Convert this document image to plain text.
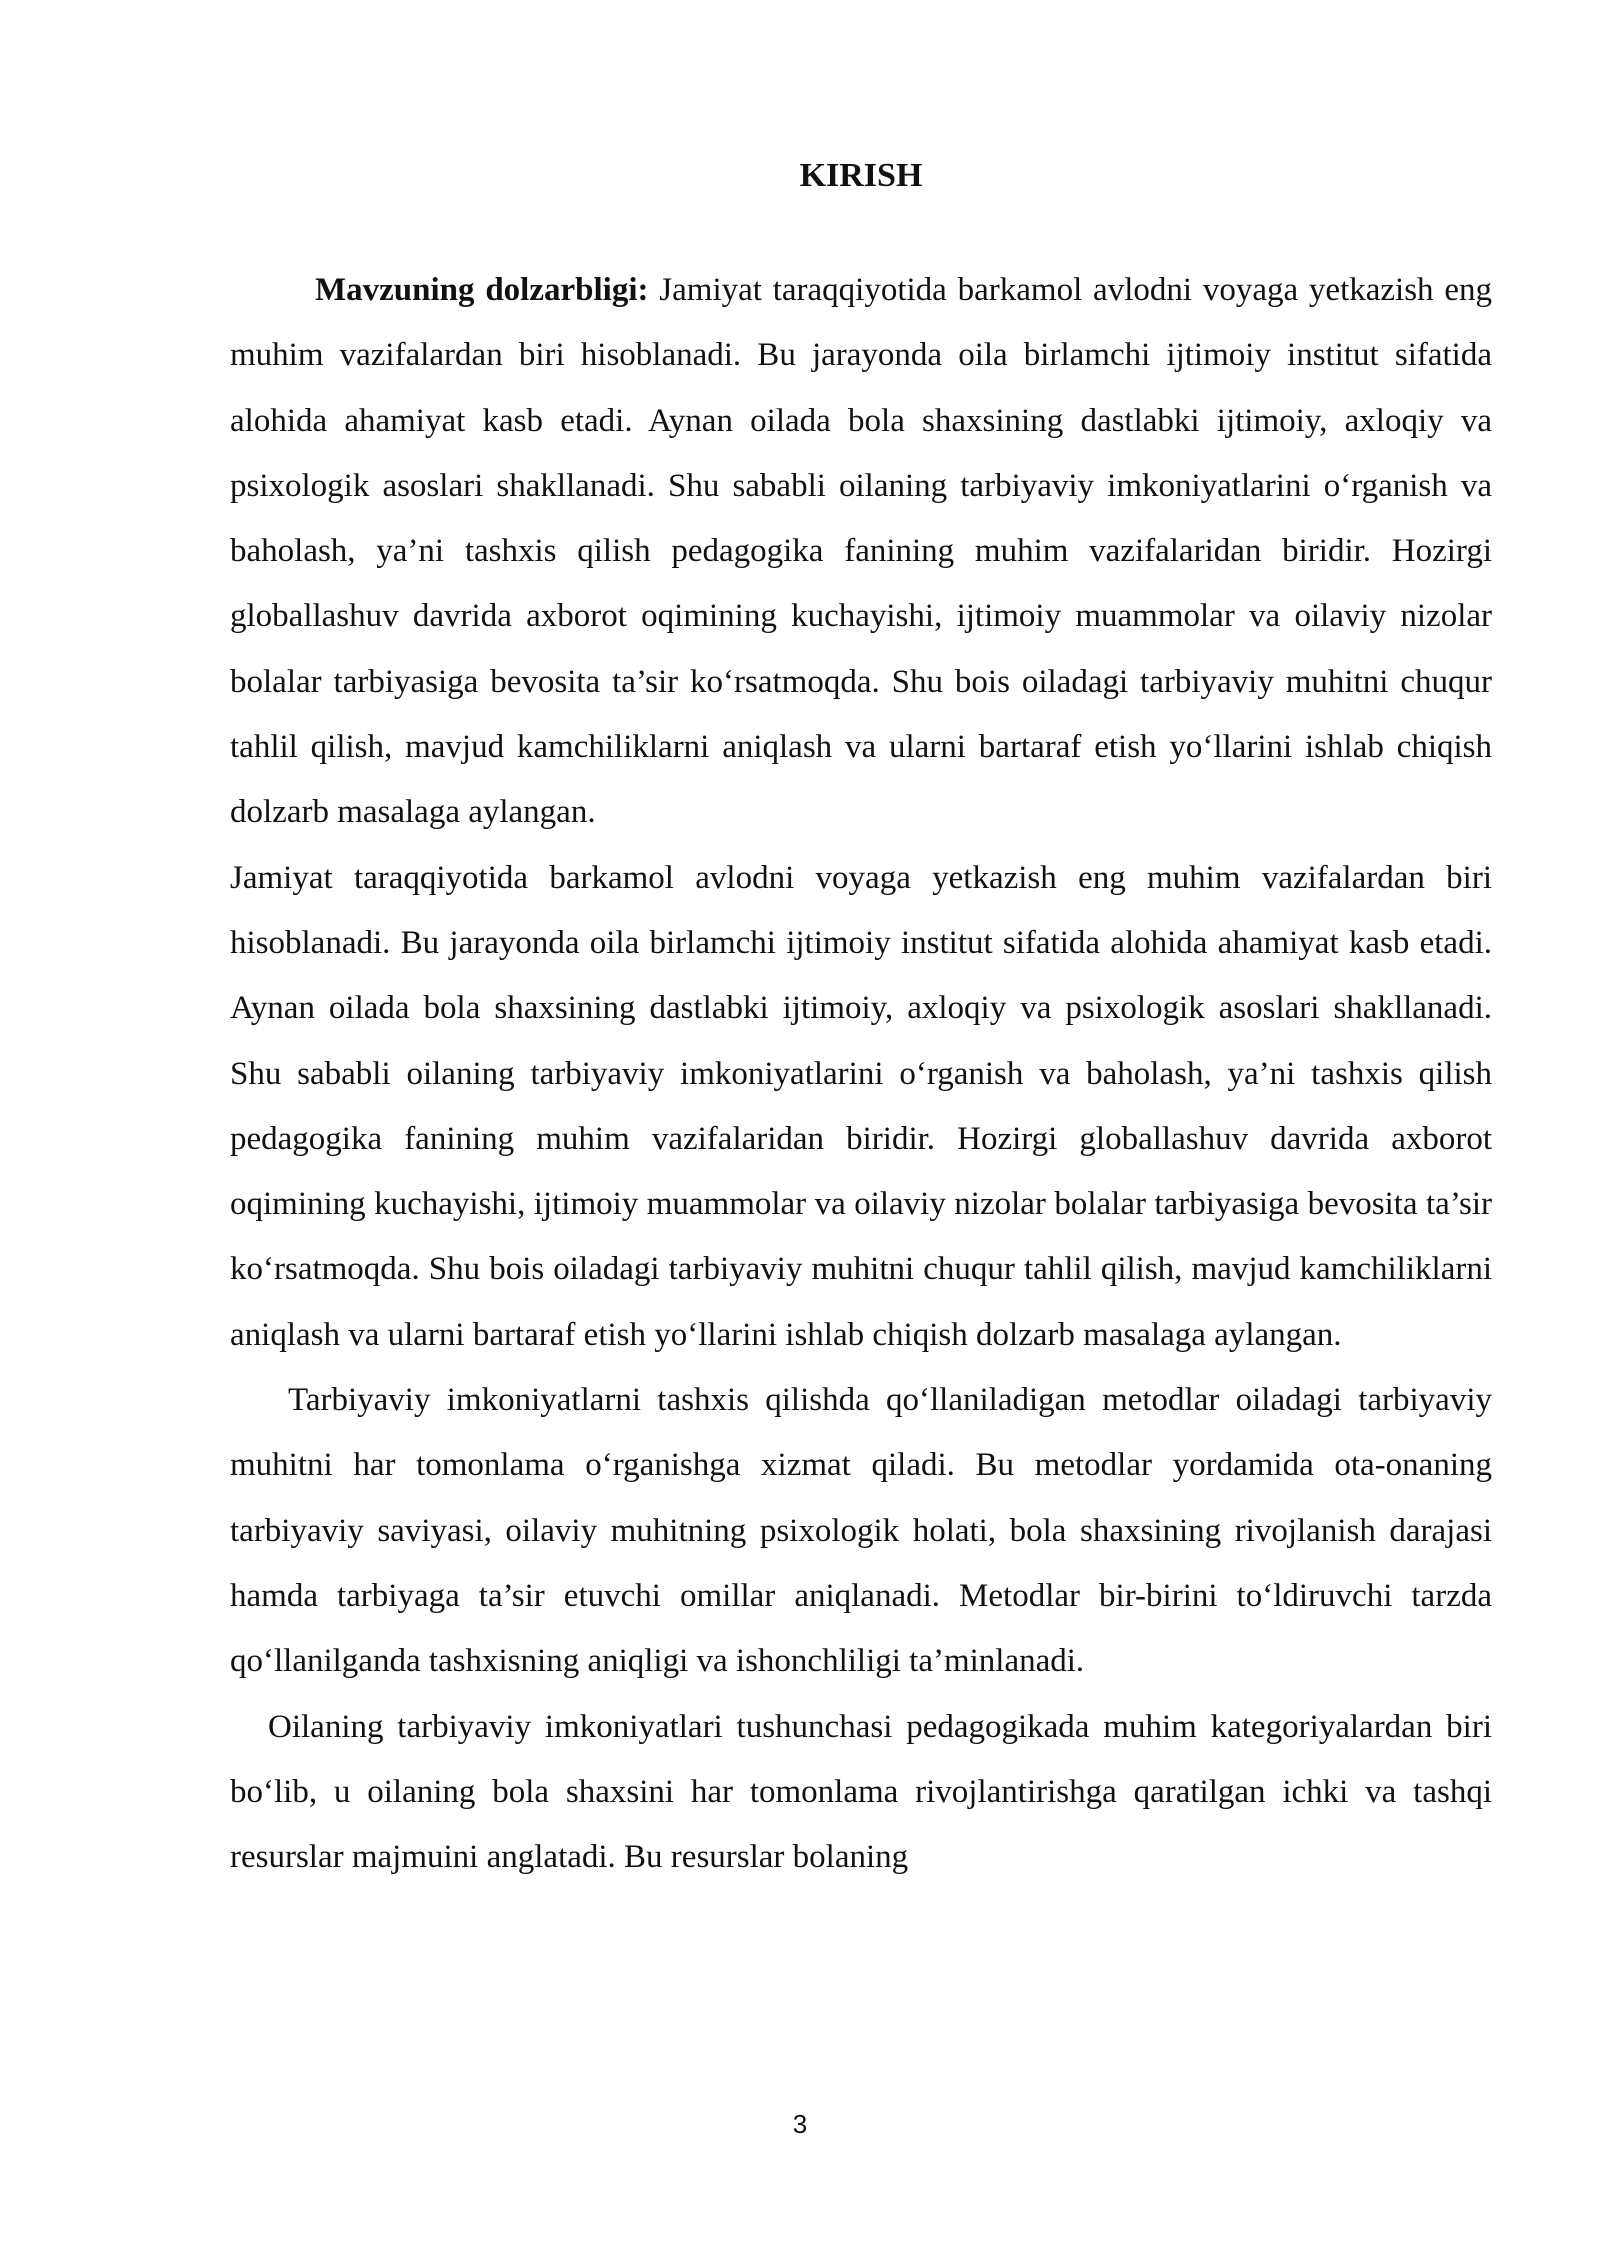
KIRISH

Mavzuning dolzarbligi: Jamiyat taraqqiyotida barkamol avlodni voyaga yetkazish eng muhim vazifalardan biri hisoblanadi. Bu jarayonda oila birlamchi ijtimoiy institut sifatida alohida ahamiyat kasb etadi. Aynan oilada bola shaxsining dastlabki ijtimoiy, axloqiy va psixologik asoslari shakllanadi. Shu sababli oilaning tarbiyaviy imkoniyatlarini o‘rganish va baholash, ya’ni tashxis qilish pedagogika fanining muhim vazifalaridan biridir. Hozirgi globallashuv davrida axborot oqimining kuchayishi, ijtimoiy muammolar va oilaviy nizolar bolalar tarbiyasiga bevosita ta’sir ko‘rsatmoqda. Shu bois oiladagi tarbiyaviy muhitni chuqur tahlil qilish, mavjud kamchiliklarni aniqlash va ularni bartaraf etish yo‘llarini ishlab chiqish dolzarb masalaga aylangan.

Jamiyat taraqqiyotida barkamol avlodni voyaga yetkazish eng muhim vazifalardan biri hisoblanadi. Bu jarayonda oila birlamchi ijtimoiy institut sifatida alohida ahamiyat kasb etadi. Aynan oilada bola shaxsining dastlabki ijtimoiy, axloqiy va psixologik asoslari shakllanadi. Shu sababli oilaning tarbiyaviy imkoniyatlarini o‘rganish va baholash, ya’ni tashxis qilish pedagogika fanining muhim vazifalaridan biridir. Hozirgi globallashuv davrida axborot oqimining kuchayishi, ijtimoiy muammolar va oilaviy nizolar bolalar tarbiyasiga bevosita ta’sir ko‘rsatmoqda. Shu bois oiladagi tarbiyaviy muhitni chuqur tahlil qilish, mavjud kamchiliklarni aniqlash va ularni bartaraf etish yo‘llarini ishlab chiqish dolzarb masalaga aylangan.

Tarbiyaviy imkoniyatlarni tashxis qilishda qo‘llaniladigan metodlar oiladagi tarbiyaviy muhitni har tomonlama o‘rganishga xizmat qiladi. Bu metodlar yordamida ota-onaning tarbiyaviy saviyasi, oilaviy muhitning psixologik holati, bola shaxsining rivojlanish darajasi hamda tarbiyaga ta’sir etuvchi omillar aniqlanadi. Metodlar bir-birini to‘ldiruvchi tarzda qo‘llanilganda tashxisning aniqligi va ishonchliligi ta’minlanadi.

Oilaning tarbiyaviy imkoniyatlari tushunchasi pedagogikada muhim kategoriyalardan biri bo‘lib, u oilaning bola shaxsini har tomonlama rivojlantirishga qaratilgan ichki va tashqi resurslar majmuini anglatadi. Bu resurslar bolaning

3
